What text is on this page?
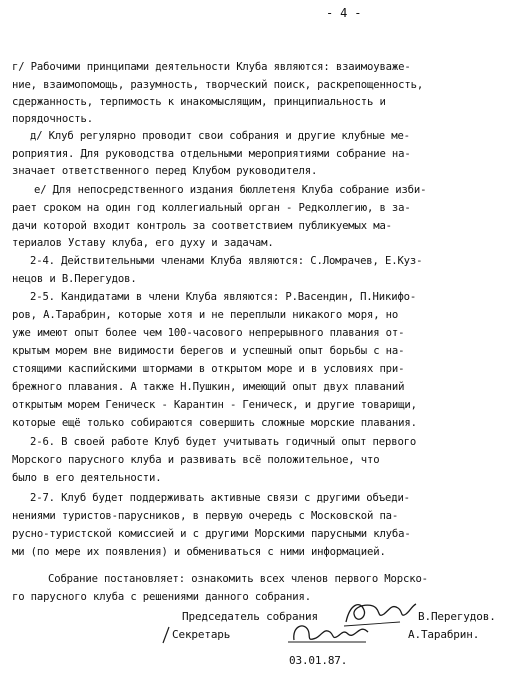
- 4 -
г/ Рабочими принципами деятельности Клуба являются: взаимоуваже-
ние, взаимопомощь, разумность, творческий поиск, раскрепощенность,
сдержанность, терпимость к инакомыслящим, принципиальность и
порядочность.
д/ Клуб регулярно проводит свои собрания и другие клубные ме-
роприятия. Для руководства отдельными мероприятиями собрание на-
значает ответственного перед Клубом руководителя.
е/ Для непосредственного издания бюллетеня Клуба собрание изби-
рает сроком на один год коллегиальный орган - Редколлегию, в за-
дачи которой входит контроль за соответствием публикуемых ма-
териалов Уставу клуба, его духу и задачам.
2-4. Действительными членами Клуба являются: С.Ломрачев, Е.Куз-
нецов и В.Перегудов.
2-5. Кандидатами в члени Клуба являются: Р.Васендин, П.Никифо-
ров, А.Тарабрин, которые хотя и не переплыли никакого моря, но
уже имеют опыт более чем 100-часового непрерывного плавания от-
крытым морем вне видимости берегов и успешный опыт борьбы с на-
стоящими каспийскими штормами в открытом море и в условиях при-
брежного плавания. А также Н.Пушкин, имеющий опыт двух плаваний
открытым морем Геническ - Карантин - Геническ, и другие товарищи,
которые ещё только собираются совершить сложные морские плавания.
2-6. В своей работе Клуб будет учитывать годичный опыт первого
Морского парусного клуба и развивать всё положительное, что
было в его деятельности.
2-7. Клуб будет поддерживать активные связи с другими объеди-
нениями туристов-парусников, в первую очередь с Московской па-
русно-туристской комиссией и с другими Морскими парусными клуба-
ми (по мере их появления) и обмениваться с ними информацией.
Собрание постановляет: ознакомить всех членов первого Морско-
го парусного клуба с решениями данного собрания.
Председатель собрания	В.Перегудов.
Секретарь	А.Тарабрин.
03.01.87.
